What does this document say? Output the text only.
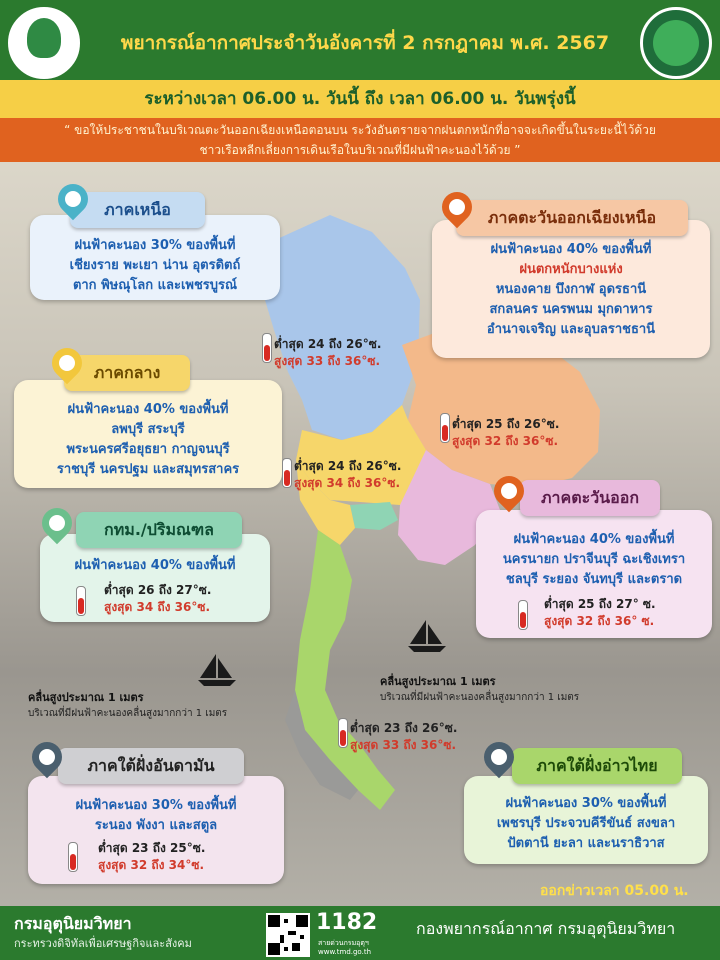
พยากรณ์อากาศประจำวันอังคารที่ 2 กรกฎาคม พ.ศ. 2567
ระหว่างเวลา 06.00 น. วันนี้ ถึง เวลา 06.00 น. วันพรุ่งนี้
“ ขอให้ประชาชนในบริเวณตะวันออกเฉียงเหนือตอนบน ระวังอันตรายจากฝนตกหนักที่อาจจะเกิดขึ้นในระยะนี้ไว้ด้วย
ชาวเรือหลีกเลี่ยงการเดินเรือในบริเวณที่มีฝนฟ้าคะนองไว้ด้วย ”
ภาคเหนือ
ฝนฟ้าคะนอง 30% ของพื้นที่
เชียงราย พะเยา น่าน อุตรดิตถ์
ตาก พิษณุโลก และเพชรบูรณ์
ต่ำสุด 24 ถึง 26°ซ.
สูงสุด 33 ถึง 36°ซ.
ภาคตะวันออกเฉียงเหนือ
ฝนฟ้าคะนอง 40% ของพื้นที่
ฝนตกหนักบางแห่ง
หนองคาย บึงกาฬ อุดรธานี
สกลนคร นครพนม มุกดาหาร
อำนาจเจริญ และอุบลราชธานี
ต่ำสุด 25 ถึง 26°ซ.
สูงสุด 32 ถึง 36°ซ.
ภาคกลาง
ฝนฟ้าคะนอง 40% ของพื้นที่
ลพบุรี สระบุรี
พระนครศรีอยุธยา กาญจนบุรี
ราชบุรี นครปฐม และสมุทรสาคร	ต่ำสุด 24 ถึง 26°ซ.
สูงสุด 34 ถึง 36°ซ.
กทม./ปริมณฑล
ฝนฟ้าคะนอง 40% ของพื้นที่
ต่ำสุด 26 ถึง 27°ซ.
สูงสุด 34 ถึง 36°ซ.
ภาคตะวันออก
ฝนฟ้าคะนอง 40% ของพื้นที่
นครนายก ปราจีนบุรี ฉะเชิงเทรา
ชลบุรี ระยอง จันทบุรี และตราด
ต่ำสุด 25 ถึง 27° ซ.
สูงสุด 32 ถึง 36° ซ.
คลื่นสูงประมาณ 1 เมตร
บริเวณที่มีฝนฟ้าคะนองคลื่นสูงมากกว่า 1 เมตร
คลื่นสูงประมาณ 1 เมตร
บริเวณที่มีฝนฟ้าคะนองคลื่นสูงมากกว่า 1 เมตร
ต่ำสุด 23 ถึง 26°ซ.
สูงสุด 33 ถึง 36°ซ.
ภาคใต้ฝั่งอันดามัน
ฝนฟ้าคะนอง 30% ของพื้นที่
ระนอง พังงา และสตูล
ต่ำสุด 23 ถึง 25°ซ.
สูงสุด 32 ถึง 34°ซ.
ภาคใต้ฝั่งอ่าวไทย
ฝนฟ้าคะนอง 30% ของพื้นที่
เพชรบุรี ประจวบคีรีขันธ์ สงขลา
ปัตตานี ยะลา และนราธิวาส
ออกข่าวเวลา 05.00 น.
กรมอุตุนิยมวิทยา
กระทรวงดิจิทัลเพื่อเศรษฐกิจและสังคม
1182
สายด่วนกรมอุตุฯ
www.tmd.go.th
กองพยากรณ์อากาศ กรมอุตุนิยมวิทยา
